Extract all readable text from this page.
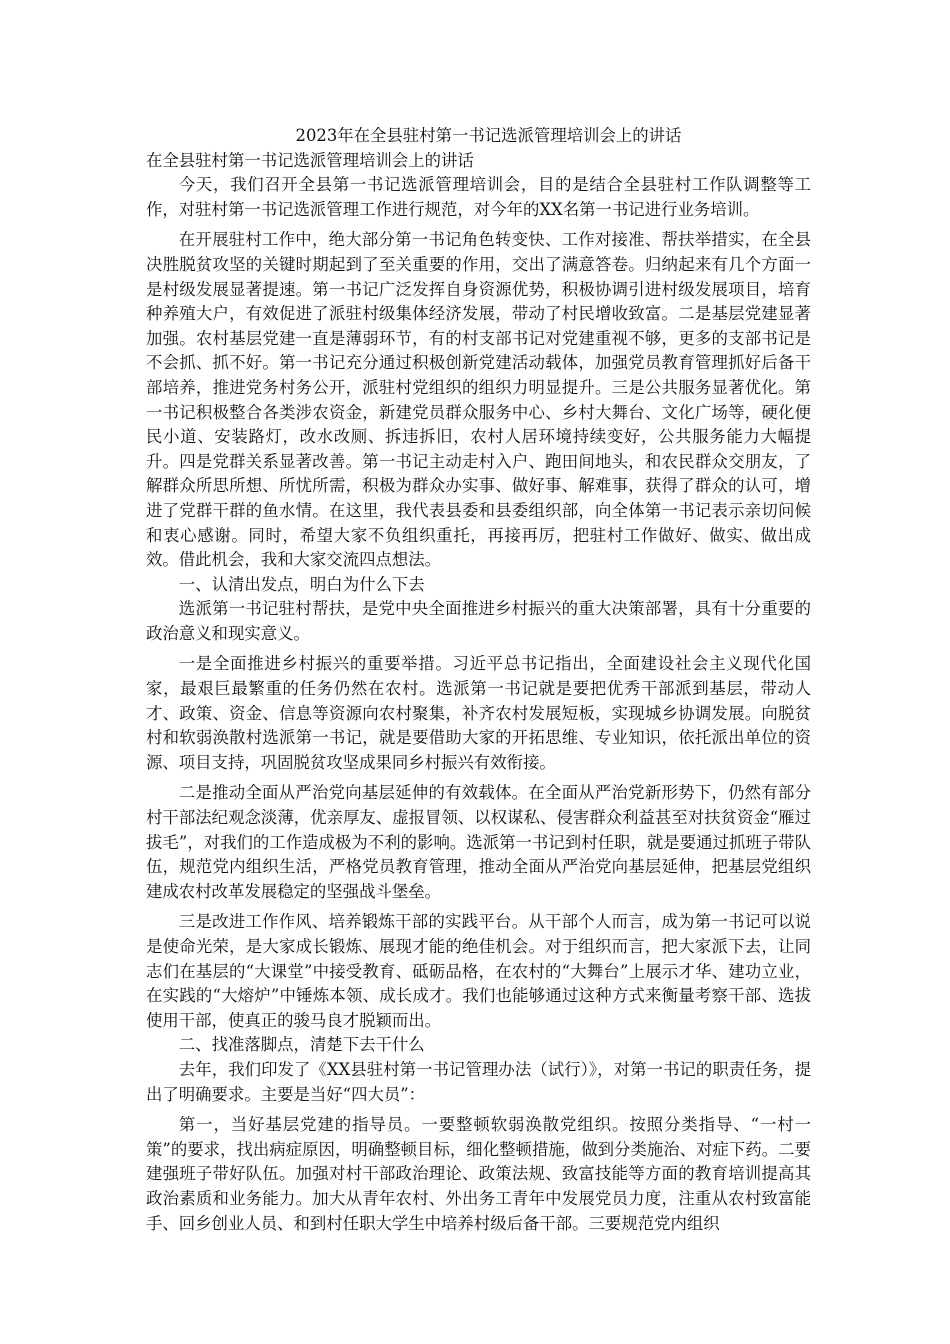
2023年在全县驻村第一书记选派管理培训会上的讲话
在全县驻村第一书记选派管理培训会上的讲话

今天，我们召开全县第一书记选派管理培训会，目的是结合全县驻村工作队调整等工作，对驻村第一书记选派管理工作进行规范，对今年的XX名第一书记进行业务培训。

在开展驻村工作中，绝大部分第一书记角色转变快、工作对接准、帮扶举措实，在全县决胜脱贫攻坚的关键时期起到了至关重要的作用，交出了满意答卷。归纳起来有几个方面一是村级发展显著提速。第一书记广泛发挥自身资源优势，积极协调引进村级发展项目，培育种养殖大户，有效促进了派驻村级集体经济发展，带动了村民增收致富。二是基层党建显著加强。农村基层党建一直是薄弱环节，有的村支部书记对党建重视不够，更多的支部书记是不会抓、抓不好。第一书记充分通过积极创新党建活动载体，加强党员教育管理抓好后备干部培养，推进党务村务公开，派驻村党组织的组织力明显提升。三是公共服务显著优化。第一书记积极整合各类涉农资金，新建党员群众服务中心、乡村大舞台、文化广场等，硬化便民小道、安装路灯，改水改厕、拆违拆旧，农村人居环境持续变好，公共服务能力大幅提升。四是党群关系显著改善。第一书记主动走村入户、跑田间地头，和农民群众交朋友，了解群众所思所想、所忧所需，积极为群众办实事、做好事、解难事，获得了群众的认可，增进了党群干群的鱼水情。在这里，我代表县委和县委组织部，向全体第一书记表示亲切问候和衷心感谢。同时，希望大家不负组织重托，再接再厉，把驻村工作做好、做实、做出成效。借此机会，我和大家交流四点想法。

一、认清出发点，明白为什么下去

选派第一书记驻村帮扶，是党中央全面推进乡村振兴的重大决策部署，具有十分重要的政治意义和现实意义。

一是全面推进乡村振兴的重要举措。习近平总书记指出，全面建设社会主义现代化国家，最艰巨最繁重的任务仍然在农村。选派第一书记就是要把优秀干部派到基层，带动人才、政策、资金、信息等资源向农村聚集，补齐农村发展短板，实现城乡协调发展。向脱贫村和软弱涣散村选派第一书记，就是要借助大家的开拓思维、专业知识，依托派出单位的资源、项目支持，巩固脱贫攻坚成果同乡村振兴有效衔接。

二是推动全面从严治党向基层延伸的有效载体。在全面从严治党新形势下，仍然有部分村干部法纪观念淡薄，优亲厚友、虚报冒领、以权谋私、侵害群众利益甚至对扶贫资金“雁过拔毛”，对我们的工作造成极为不利的影响。选派第一书记到村任职，就是要通过抓班子带队伍，规范党内组织生活，严格党员教育管理，推动全面从严治党向基层延伸，把基层党组织建成农村改革发展稳定的坚强战斗堡垒。

三是改进工作作风、培养锻炼干部的实践平台。从干部个人而言，成为第一书记可以说是使命光荣，是大家成长锻炼、展现才能的绝佳机会。对于组织而言，把大家派下去，让同志们在基层的“大课堂”中接受教育、砥砺品格，在农村的“大舞台”上展示才华、建功立业，在实践的“大熔炉”中锤炼本领、成长成才。我们也能够通过这种方式来衡量考察干部、选拔使用干部，使真正的骏马良才脱颖而出。

二、找准落脚点，清楚下去干什么

去年，我们印发了《XX县驻村第一书记管理办法（试行）》，对第一书记的职责任务，提出了明确要求。主要是当好“四大员”：

第一，当好基层党建的指导员。一要整顿软弱涣散党组织。按照分类指导、“一村一策”的要求，找出病症原因，明确整顿目标，细化整顿措施，做到分类施治、对症下药。二要建强班子带好队伍。加强对村干部政治理论、政策法规、致富技能等方面的教育培训提高其政治素质和业务能力。加大从青年农村、外出务工青年中发展党员力度，注重从农村致富能手、回乡创业人员、和到村任职大学生中培养村级后备干部。三要规范党内组织
